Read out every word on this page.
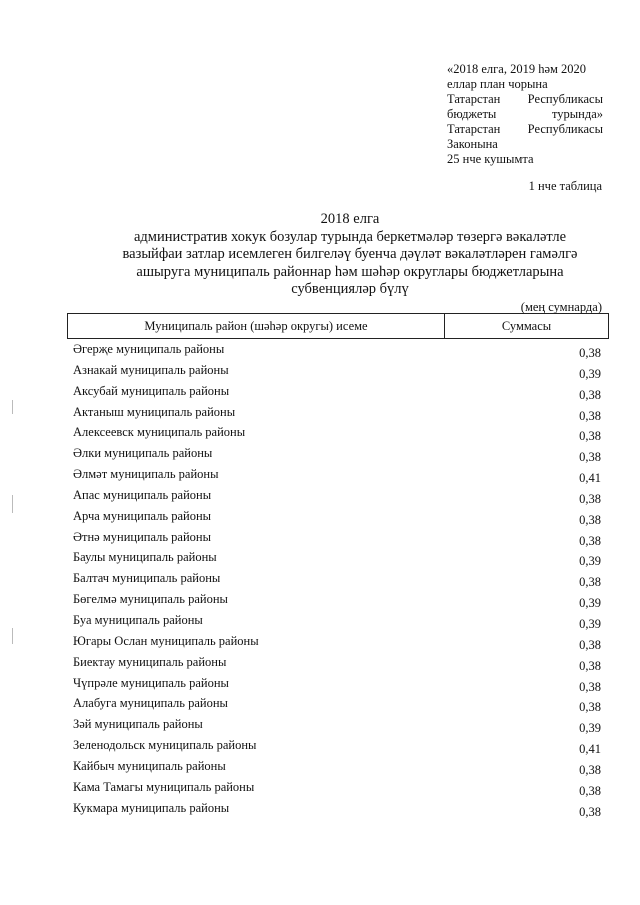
«2018 елга, 2019 һәм 2020
еллар план чорына
Татарстан Республикасы
бюджеты	турында»
Татарстан Республикасы
Законына
25 нче кушымта
1 нче таблица
2018 елга
административ хокук бозулар турында беркетмәләр төзергә вәкаләтле
вазыйфаи затлар исемлеген билгеләү буенча дәүләт вәкаләтләрен гамәлгә
ашыруга муниципаль районнар һәм шәһәр округлары бюджетларына
субвенцияләр бүлү
(мең сумнарда)
Муниципаль район (шәһәр округы) исеме	Суммасы
Әгерҗе муниципаль районы	0,38
Азнакай муниципаль районы	0,39
Аксубай муниципаль районы	0,38
Актаныш муниципаль районы	0,38
Алексеевск муниципаль районы	0,38
Әлки муниципаль районы	0,38
Әлмәт муниципаль районы	0,41
Апас муниципаль районы	0,38
Арча муниципаль районы	0,38
Әтнә муниципаль районы	0,38
Баулы муниципаль районы	0,39
Балтач муниципаль районы	0,38
Бөгелмә муниципаль районы	0,39
Буа муниципаль районы	0,39
Югары Ослан муниципаль районы	0,38
Биектау муниципаль районы	0,38
Чүпрәле муниципаль районы	0,38
Алабуга муниципаль районы	0,38
Зәй муниципаль районы	0,39
Зеленодольск муниципаль районы	0,41
Кайбыч муниципаль районы	0,38
Кама Тамагы муниципаль районы	0,38
Кукмара муниципаль районы	0,38
